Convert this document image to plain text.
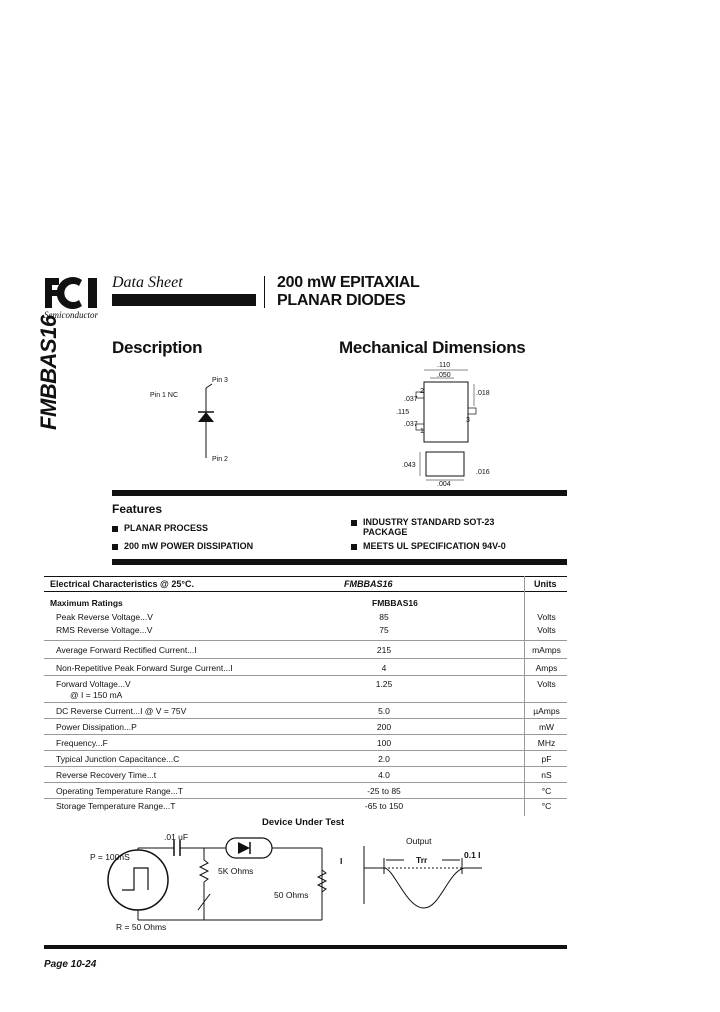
Semiconductor
Data Sheet	200 mW EPITAXIAL
PLANAR DIODES
FMBBAS16	Description
Pin 3
Pin 1 NC
Pin 2
Mechanical Dimensions
.110
.050
.018
.037
.115
.037
.043
.004
.016
2
1
3
Features
PLANAR PROCESS
200 mW POWER DISSIPATION
INDUSTRY STANDARD SOT-23
PACKAGE
MEETS UL SPECIFICATION 94V-0
Electrical Characteristics @ 25°C.	FMBBAS16	Units
Maximum Ratings	FMBBAS16
Peak Reverse Voltage...V	85	Volts
RMS Reverse Voltage...V	75	Volts
Average Forward Rectified Current...I	215	mAmps
Non-Repetitive Peak Forward Surge Current...I	4	Amps
Forward Voltage...V	1.25	Volts
@ I = 150 mA
DC Reverse Current...I @ V = 75V	5.0	µAmps
Power Dissipation...P	200	mW
Frequency...F	100	MHz
Typical Junction Capacitance...C	2.0	pF
Reverse Recovery Time...t	4.0	nS
Operating Temperature Range...T	-25 to 85	°C
Storage Temperature Range...T	-65 to 150	°C
Device Under Test
.01 uF
P = 100nS
5K Ohms
50 Ohms
R = 50 Ohms
Output
Trr
I
0.1 I
Page 10-24
